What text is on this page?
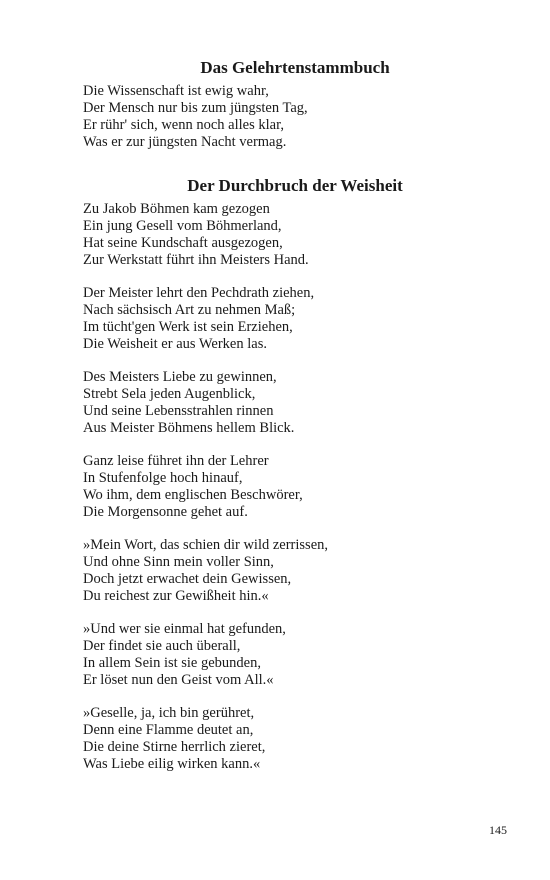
Das Gelehrtenstammbuch

Die Wissenschaft ist ewig wahr,
Der Mensch nur bis zum jüngsten Tag,
Er rühr' sich, wenn noch alles klar,
Was er zur jüngsten Nacht vermag.

Der Durchbruch der Weisheit

Zu Jakob Böhmen kam gezogen
Ein jung Gesell vom Böhmerland,
Hat seine Kundschaft ausgezogen,
Zur Werkstatt führt ihn Meisters Hand.

Der Meister lehrt den Pechdrath ziehen,
Nach sächsisch Art zu nehmen Maß;
Im tücht'gen Werk ist sein Erziehen,
Die Weisheit er aus Werken las.

Des Meisters Liebe zu gewinnen,
Strebt Sela jeden Augenblick,
Und seine Lebensstrahlen rinnen
Aus Meister Böhmens hellem Blick.

Ganz leise führet ihn der Lehrer
In Stufenfolge hoch hinauf,
Wo ihm, dem englischen Beschwörer,
Die Morgensonne gehet auf.

»Mein Wort, das schien dir wild zerrissen,
Und ohne Sinn mein voller Sinn,
Doch jetzt erwachet dein Gewissen,
Du reichest zur Gewißheit hin.«

»Und wer sie einmal hat gefunden,
Der findet sie auch überall,
In allem Sein ist sie gebunden,
Er löset nun den Geist vom All.«

»Geselle, ja, ich bin gerühret,
Denn eine Flamme deutet an,
Die deine Stirne herrlich zieret,
Was Liebe eilig wirken kann.«

145
